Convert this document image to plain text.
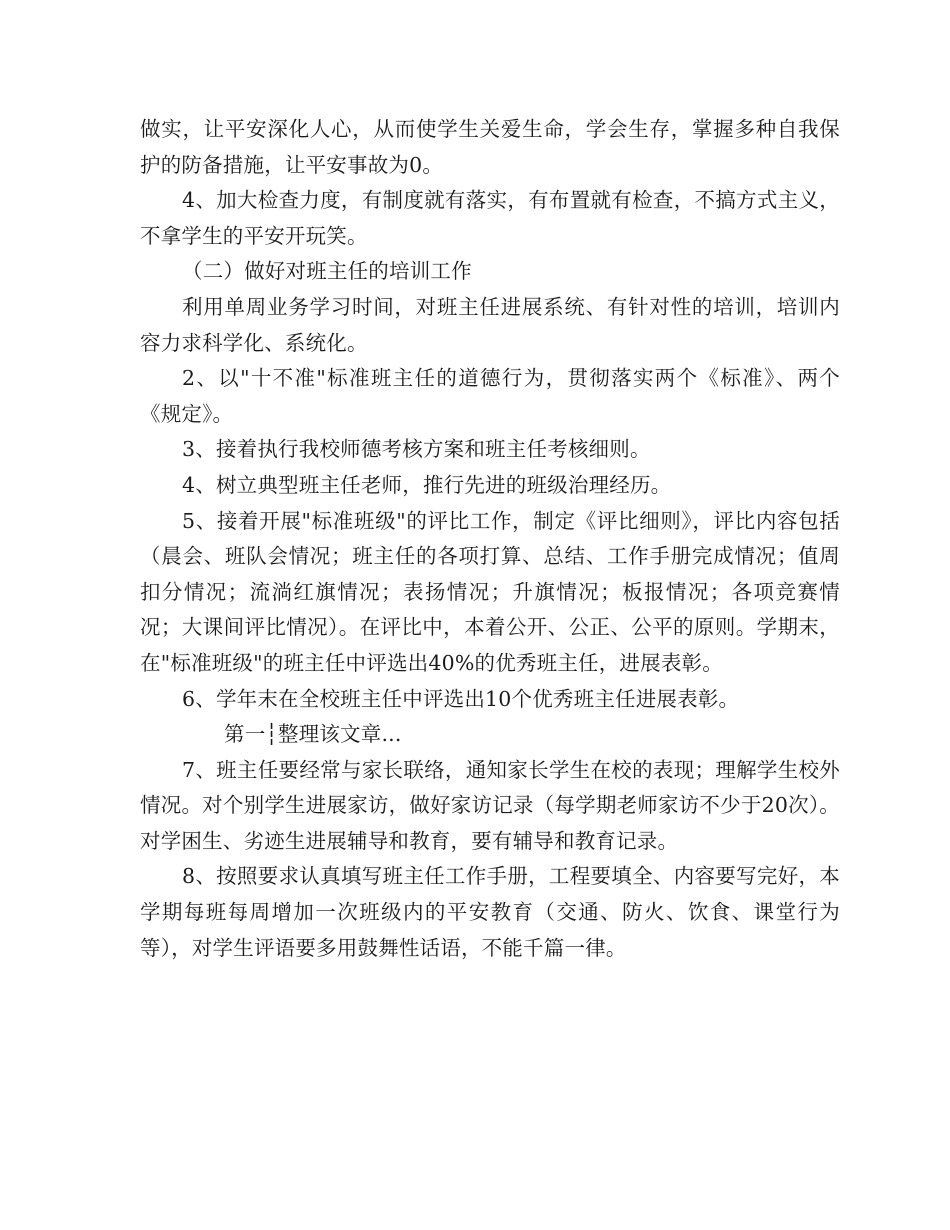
做实，让平安深化人心，从而使学生关爱生命，学会生存，掌握多种自我保护的防备措施，让平安事故为0。

4、加大检查力度，有制度就有落实，有布置就有检查，不搞方式主义，不拿学生的平安开玩笑。

（二）做好对班主任的培训工作

利用单周业务学习时间，对班主任进展系统、有针对性的培训，培训内容力求科学化、系统化。

2、以"十不准"标准班主任的道德行为，贯彻落实两个《标准》、两个《规定》。

3、接着执行我校师德考核方案和班主任考核细则。

4、树立典型班主任老师，推行先进的班级治理经历。

5、接着开展"标准班级"的评比工作，制定《评比细则》，评比内容包括（晨会、班队会情况；班主任的各项打算、总结、工作手册完成情况；值周扣分情况；流淌红旗情况；表扬情况；升旗情况；板报情况；各项竞赛情况；大课间评比情况）。在评比中，本着公开、公正、公平的原则。学期末，在"标准班级"的班主任中评选出40%的优秀班主任，进展表彰。

6、学年末在全校班主任中评选出10个优秀班主任进展表彰。

第一┆整理该文章...

7、班主任要经常与家长联络，通知家长学生在校的表现；理解学生校外情况。对个别学生进展家访，做好家访记录（每学期老师家访不少于20次）。对学困生、劣迹生进展辅导和教育，要有辅导和教育记录。

8、按照要求认真填写班主任工作手册，工程要填全、内容要写完好，本学期每班每周增加一次班级内的平安教育（交通、防火、饮食、课堂行为等），对学生评语要多用鼓舞性话语，不能千篇一律。
